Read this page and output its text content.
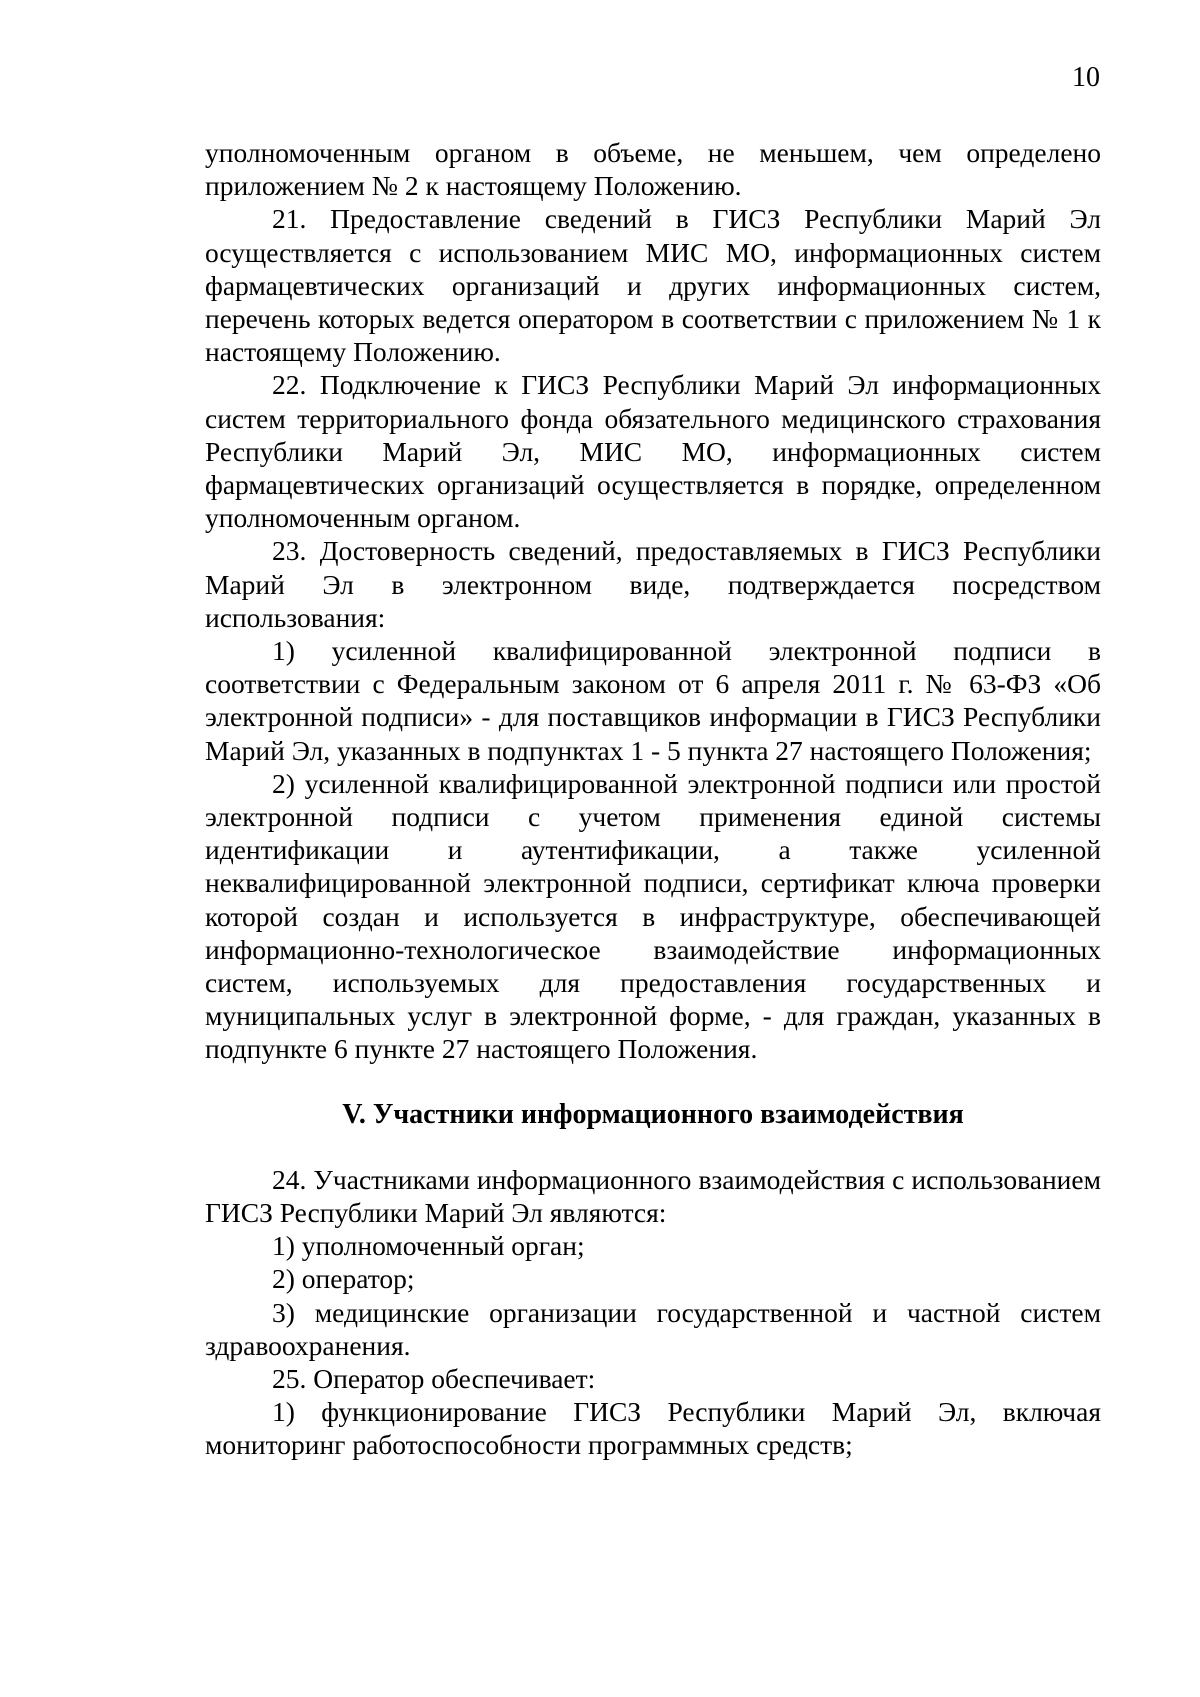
10

уполномоченным органом в объеме, не меньшем, чем определено приложением № 2 к настоящему Положению.

21. Предоставление сведений в ГИСЗ Республики Марий Эл осуществляется с использованием МИС МО, информационных систем фармацевтических организаций и других информационных систем, перечень которых ведется оператором в соответствии с приложением № 1 к настоящему Положению.

22. Подключение к ГИСЗ Республики Марий Эл информационных систем территориального фонда обязательного медицинского страхования Республики Марий Эл, МИС МО, информационных систем фармацевтических организаций осуществляется в порядке, определенном уполномоченным органом.

23. Достоверность сведений, предоставляемых в ГИСЗ Республики Марий Эл в электронном виде, подтверждается посредством использования:

1) усиленной квалифицированной электронной подписи в соответствии с Федеральным законом от 6 апреля 2011 г. № 63-ФЗ «Об электронной подписи» - для поставщиков информации в ГИСЗ Республики Марий Эл, указанных в подпунктах 1 - 5 пункта 27 настоящего Положения;

2) усиленной квалифицированной электронной подписи или простой электронной подписи с учетом применения единой системы идентификации и аутентификации, а также усиленной неквалифицированной электронной подписи, сертификат ключа проверки которой создан и используется в инфраструктуре, обеспечивающей информационно-технологическое взаимодействие информационных систем, используемых для предоставления государственных и муниципальных услуг в электронной форме, - для граждан, указанных в подпункте 6 пункте 27 настоящего Положения.

V. Участники информационного взаимодействия

24. Участниками информационного взаимодействия с использованием ГИСЗ Республики Марий Эл являются:

1) уполномоченный орган;

2) оператор;

3) медицинские организации государственной и частной систем здравоохранения.

25. Оператор обеспечивает:

1) функционирование ГИСЗ Республики Марий Эл, включая мониторинг работоспособности программных средств;
